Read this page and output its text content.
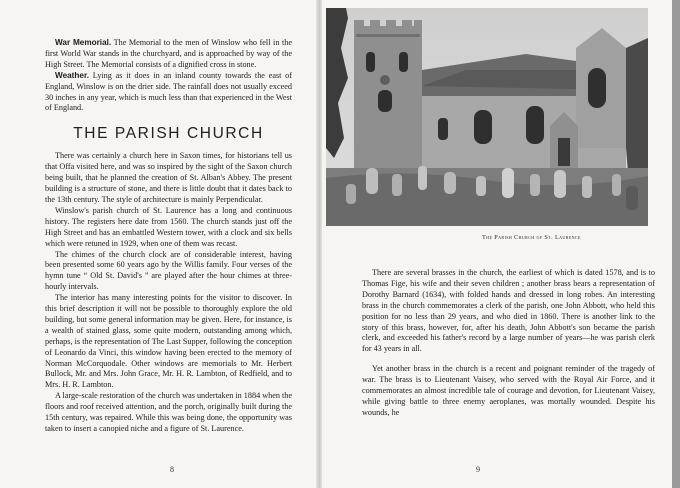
War Memorial. The Memorial to the men of Winslow who fell in the first World War stands in the churchyard, and is approached by way of the High Street. The Memorial consists of a dignified cross in stone.

Weather. Lying as it does in an inland county towards the east of England, Winslow is on the drier side. The rainfall does not usually exceed 30 inches in any year, which is much less than that experienced in the West of England.

THE PARISH CHURCH

There was certainly a church here in Saxon times, for historians tell us that Offa visited here, and was so inspired by the sight of the Saxon church being built, that he planned the creation of St. Alban's Abbey. The present building is a structure of stone, and there is little doubt that it dates back to the 13th century. The style of architecture is mainly Perpendicular.

Winslow's parish church of St. Laurence has a long and continuous history. The registers here date from 1560. The church stands just off the High Street and has an embattled Western tower, with a clock and six bells which were retuned in 1929, when one of them was recast.

The chimes of the church clock are of considerable interest, having been presented some 60 years ago by the Willis family. Four verses of the hymn tune “ Old St. David's ” are played after the hour chimes at three-hourly intervals.

The interior has many interesting points for the visitor to discover. In this brief description it will not be possible to thoroughly explore the old building, but some general information may be given. Here, for instance, is a wealth of stained glass, some quite modern, outstanding among which, perhaps, is the representation of The Last Supper, following the conception of Leonardo da Vinci, this window having been erected to the memory of Norman McCorquodale. Other windows are memorials to Mr. Herbert Bullock, Mr. and Mrs. John Grace, Mr. H. R. Lambton, of Redfield, and to Mrs. H. R. Lambton.

A large-scale restoration of the church was undertaken in 1884 when the floors and roof received attention, and the porch, originally built during the 15th century, was repaired. While this was being done, the opportunity was taken to insert a canopied niche and a figure of St. Laurence.

8
The Parish Church of St. Laurence

There are several brasses in the church, the earliest of which is dated 1578, and is to Thomas Fige, his wife and their seven children ; another brass bears a representation of Dorothy Barnard (1634), with folded hands and dressed in long robes. An interesting brass in the church commemorates a clerk of the parish, one John Abbott, who held this position for no less than 29 years, and who died in 1860. There is another link to the story of this brass, however, for, after his death, John Abbott's son became the parish clerk, and exceeded his father's record by a large number of years—he was parish clerk for 43 years in all.

Yet another brass in the church is a recent and poignant reminder of the tragedy of war. The brass is to Lieutenant Vaisey, who served with the Royal Air Force, and it commemorates an almost incredible tale of courage and devotion, for Lieutenant Vaisey, while giving battle to three enemy aeroplanes, was mortally wounded. Despite his wounds, he

9
